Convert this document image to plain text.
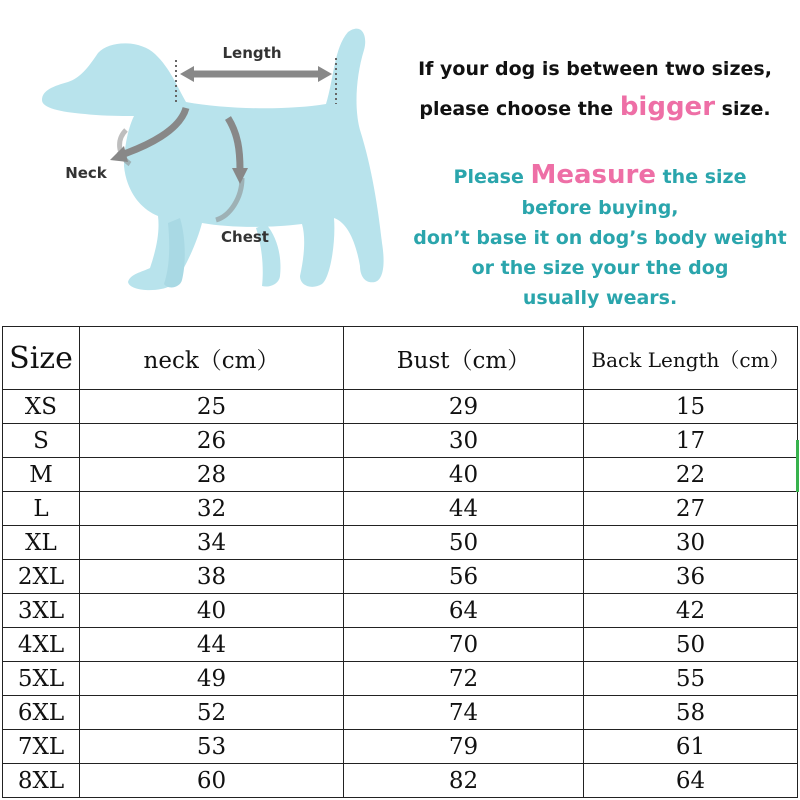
Length
Neck
Chest
If your dog is between two sizes,
please choose the bigger size.
Please Measure the size
before buying,
don’t base it on dog’s body weight
or the size your the dog
usually wears.
Size	neck（cm）	Bust（cm）	Back Length（cm）
XS	25	29	15
S	26	30	17
M	28	40	22
L	32	44	27
XL	34	50	30
2XL	38	56	36
3XL	40	64	42
4XL	44	70	50
5XL	49	72	55
6XL	52	74	58
7XL	53	79	61
8XL	60	82	64
